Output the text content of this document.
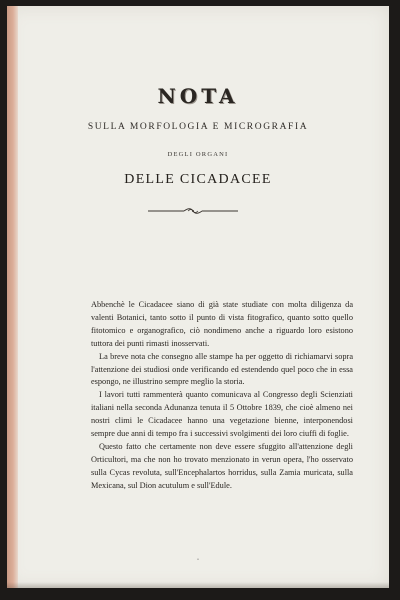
NOTA
SULLA MORFOLOGIA E MICROGRAFIA
DEGLI ORGANI
DELLE CICADACEE

Abbenchè le Cicadacee siano di già state studiate con molta diligenza da valenti Botanici, tanto sotto il punto di vista fitografico, quanto sotto quello fitotomico e organografico, ciò nondimeno anche a riguardo loro esistono tuttora dei punti rimasti inosservati.

La breve nota che consegno alle stampe ha per oggetto di richiamarvi sopra l'attenzione dei studiosi onde verificando ed estendendo quel poco che in essa espongo, ne illustrino sempre meglio la storia.

I lavori tutti rammenterà quanto comunicava al Congresso degli Scienziati italiani nella seconda Adunanza tenuta il 5 Ottobre 1839, che cioè almeno nei nostri climi le Cicadacee hanno una vegetazione bienne, interponendosi sempre due anni di tempo fra i successivi svolgimenti dei loro ciuffi di foglie.

Questo fatto che certamente non deve essere sfuggito all'attenzione degli Orticultori, ma che non ho trovato menzionato in verun opera, l'ho osservato sulla Cycas revoluta, sull'Encephalartos horridus, sulla Zamia muricata, sulla Mexicana, sul Dion acutulum e sull'Edule.

•
